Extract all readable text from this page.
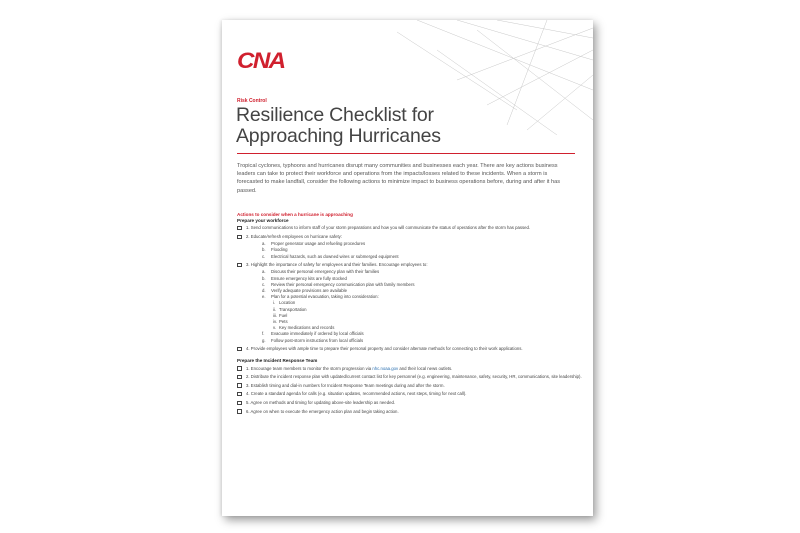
CNA
Risk Control
Resilience Checklist for Approaching Hurricanes
Tropical cyclones, typhoons and hurricanes disrupt many communities and businesses each year. There are key actions business leaders can take to protect their workforce and operations from the impacts/losses related to these incidents. When a storm is forecasted to make landfall, consider the following actions to minimize impact to business operations before, during and after it has passed.
Actions to consider when a hurricane is approaching
Prepare your workforce
1. Send communications to inform staff of your storm preparations and how you will communicate the status of operations after the storm has passed.
2. Educate/refresh employees on hurricane safety:
a. Proper generator usage and refueling procedures
b. Flooding
c. Electrical hazards, such as downed wires or submerged equipment
3. Highlight the importance of safety for employees and their families. Encourage employees to:
a. Discuss their personal emergency plan with their families
b. Ensure emergency kits are fully stocked
c. Review their personal emergency communication plan with family members
d. Verify adequate provisions are available
e. Plan for a potential evacuation, taking into consideration:
i. Location
ii. Transportation
iii. Fuel
iv. Pets
v. Key medications and records
f. Evacuate immediately if ordered by local officials
g. Follow post-storm instructions from local officials
4. Provide employees with ample time to prepare their personal property and consider alternate methods for connecting to their work applications.
Prepare the Incident Response Team
1. Encourage team members to monitor the storm progression via nhc.noaa.gov and their local news outlets.
2. Distribute the incident response plan with updated/current contact list for key personnel (e.g. engineering, maintenance, safety, security, HR, communications, site leadership).
3. Establish timing and dial-in numbers for Incident Response Team meetings during and after the storm.
4. Create a standard agenda for calls (e.g. situation updates, recommended actions, next steps, timing for next call).
5. Agree on methods and timing for updating above-site leadership as needed.
6. Agree on when to execute the emergency action plan and begin taking action.
